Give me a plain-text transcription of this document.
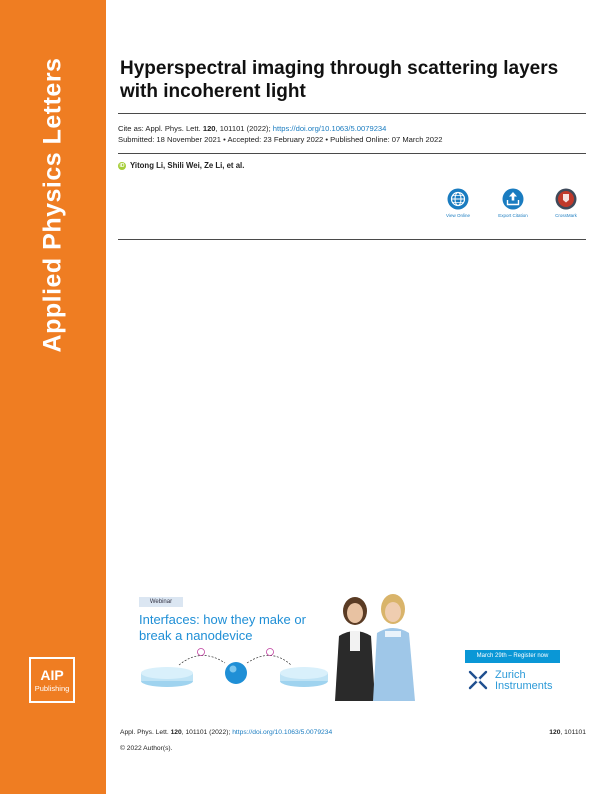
Applied Physics Letters
AIP
Publishing
Hyperspectral imaging through scattering layers with incoherent light
Cite as: Appl. Phys. Lett. 120, 101101 (2022); https://doi.org/10.1063/5.0079234
Submitted: 18 November 2021 • Accepted: 23 February 2022 • Published Online: 07 March 2022
iD Yitong Li, Shili Wei, Ze Li, et al.
View Online	Export Citation	CrossMark
Webinar
Interfaces: how they make or break a nanodevice
March 29th – Register now
Zurich
Instruments
Appl. Phys. Lett. 120, 101101 (2022); https://doi.org/10.1063/5.0079234	120, 101101
© 2022 Author(s).
